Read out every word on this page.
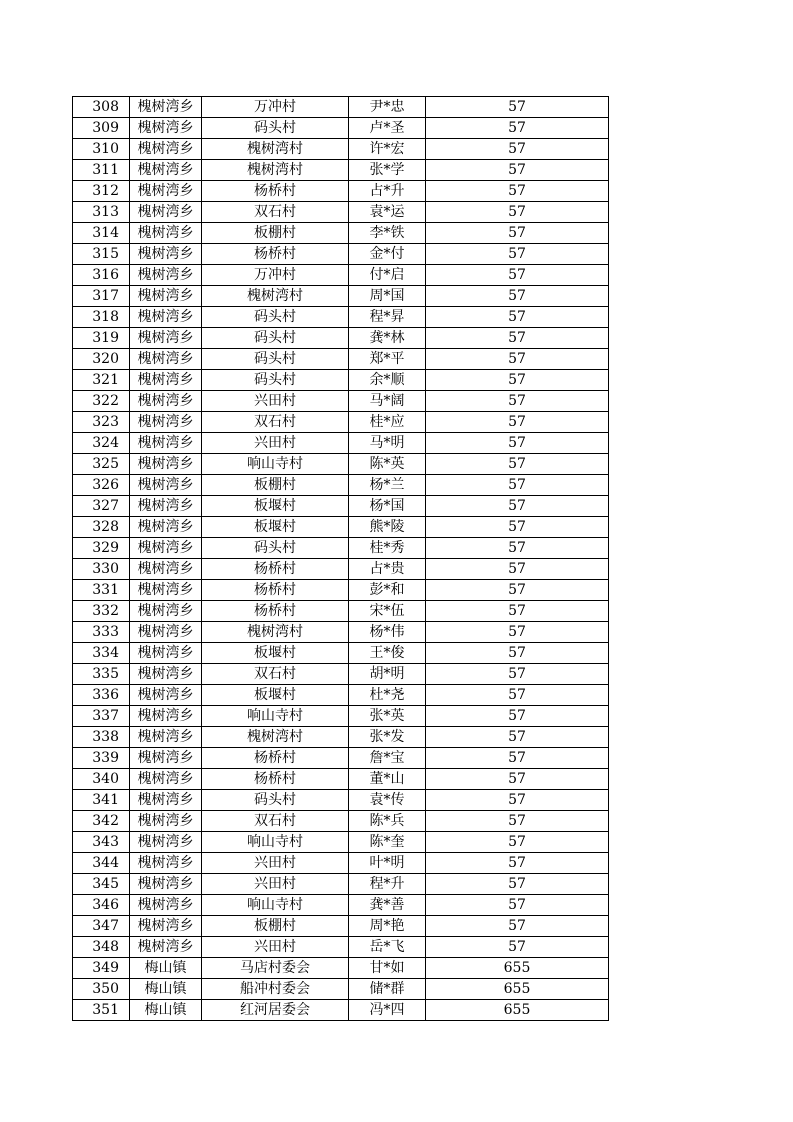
308	槐树湾乡	万冲村	尹*忠	57
309	槐树湾乡	码头村	卢*圣	57
310	槐树湾乡	槐树湾村	许*宏	57
311	槐树湾乡	槐树湾村	张*学	57
312	槐树湾乡	杨桥村	占*升	57
313	槐树湾乡	双石村	袁*运	57
314	槐树湾乡	板棚村	李*铁	57
315	槐树湾乡	杨桥村	金*付	57
316	槐树湾乡	万冲村	付*启	57
317	槐树湾乡	槐树湾村	周*国	57
318	槐树湾乡	码头村	程*昇	57
319	槐树湾乡	码头村	龚*林	57
320	槐树湾乡	码头村	郑*平	57
321	槐树湾乡	码头村	余*顺	57
322	槐树湾乡	兴田村	马*阔	57
323	槐树湾乡	双石村	桂*应	57
324	槐树湾乡	兴田村	马*明	57
325	槐树湾乡	响山寺村	陈*英	57
326	槐树湾乡	板棚村	杨*兰	57
327	槐树湾乡	板堰村	杨*国	57
328	槐树湾乡	板堰村	熊*陵	57
329	槐树湾乡	码头村	桂*秀	57
330	槐树湾乡	杨桥村	占*贵	57
331	槐树湾乡	杨桥村	彭*和	57
332	槐树湾乡	杨桥村	宋*伍	57
333	槐树湾乡	槐树湾村	杨*伟	57
334	槐树湾乡	板堰村	王*俊	57
335	槐树湾乡	双石村	胡*明	57
336	槐树湾乡	板堰村	杜*尧	57
337	槐树湾乡	响山寺村	张*英	57
338	槐树湾乡	槐树湾村	张*发	57
339	槐树湾乡	杨桥村	詹*宝	57
340	槐树湾乡	杨桥村	董*山	57
341	槐树湾乡	码头村	袁*传	57
342	槐树湾乡	双石村	陈*兵	57
343	槐树湾乡	响山寺村	陈*奎	57
344	槐树湾乡	兴田村	叶*明	57
345	槐树湾乡	兴田村	程*升	57
346	槐树湾乡	响山寺村	龚*善	57
347	槐树湾乡	板棚村	周*艳	57
348	槐树湾乡	兴田村	岳*飞	57
349	梅山镇	马店村委会	甘*如	655
350	梅山镇	船冲村委会	储*群	655
351	梅山镇	红河居委会	冯*四	655
